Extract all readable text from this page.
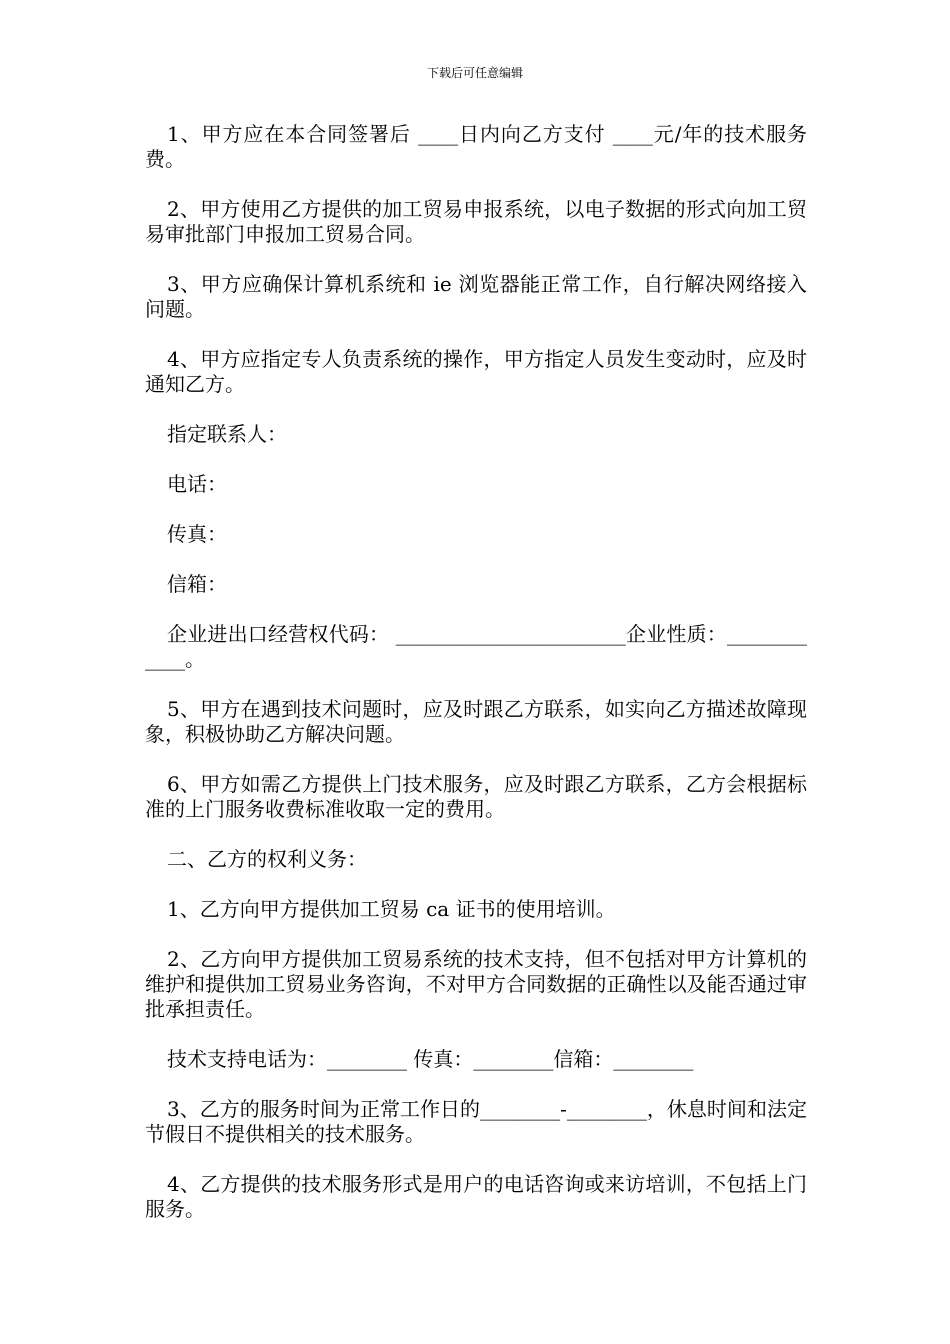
下载后可任意编辑

1、甲方应在本合同签署后 ____日内向乙方支付 ____元/年的技术服务费。

2、甲方使用乙方提供的加工贸易申报系统，以电子数据的形式向加工贸易审批部门申报加工贸易合同。

3、甲方应确保计算机系统和 ie 浏览器能正常工作，自行解决网络接入问题。

4、甲方应指定专人负责系统的操作，甲方指定人员发生变动时，应及时通知乙方。

指定联系人：

电话：

传真：

信箱：

企业进出口经营权代码： _______________________企业性质：____________。

5、甲方在遇到技术问题时，应及时跟乙方联系，如实向乙方描述故障现象，积极协助乙方解决问题。

6、甲方如需乙方提供上门技术服务，应及时跟乙方联系，乙方会根据标准的上门服务收费标准收取一定的费用。

二、乙方的权利义务：

1、乙方向甲方提供加工贸易 ca 证书的使用培训。

2、乙方向甲方提供加工贸易系统的技术支持，但不包括对甲方计算机的维护和提供加工贸易业务咨询，不对甲方合同数据的正确性以及能否通过审批承担责任。

技术支持电话为：________ 传真：________信箱：________

3、乙方的服务时间为正常工作日的________-________，休息时间和法定节假日不提供相关的技术服务。

4、乙方提供的技术服务形式是用户的电话咨询或来访培训，不包括上门服务。
